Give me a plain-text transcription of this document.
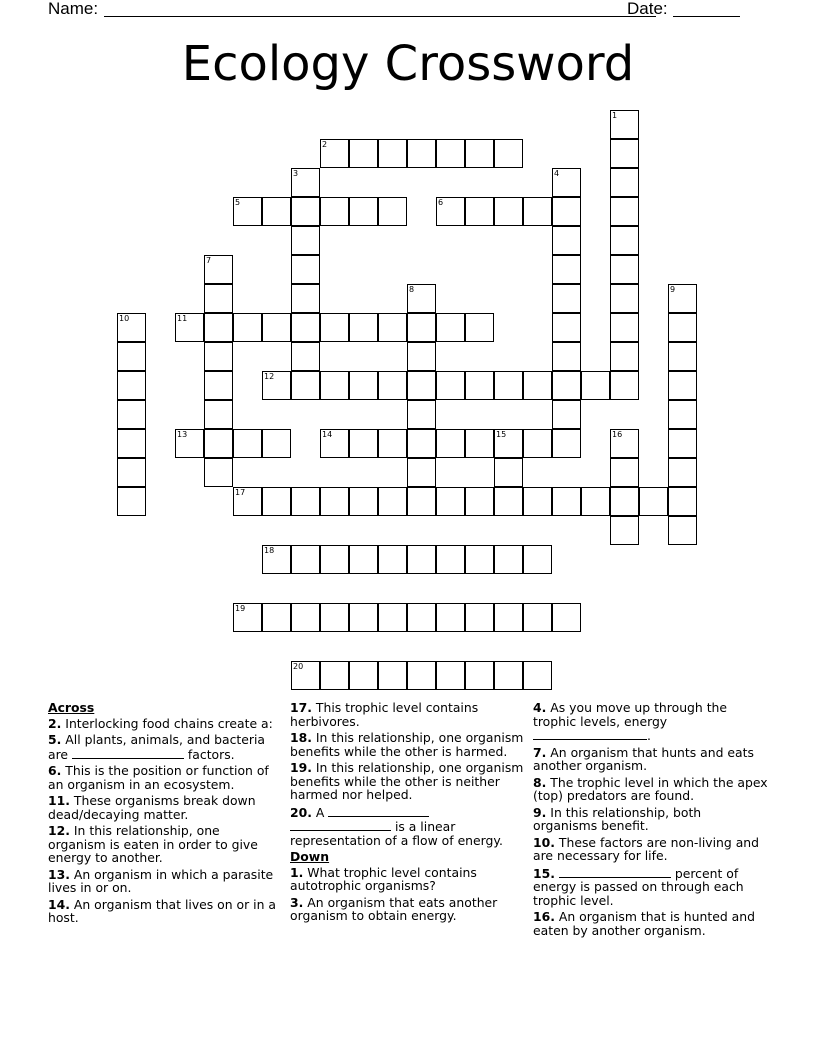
Name:	Date:
Ecology Crossword
2
5	6
11
12
13	14	15
17
18
19
20
1
3	4
7
8	9
10
16
Across
2. Interlocking food chains create a:
5. All plants, animals, and bacteria are	factors.
6. This is the position or function of an organism in an ecosystem.
11. These organisms break down dead/decaying matter.
12. In this relationship, one organism is eaten in order to give energy to another.
13. An organism in which a parasite lives in or on.
14. An organism that lives on or in a host.
17. This trophic level contains herbivores.
18. In this relationship, one organism benefits while the other is harmed.
19. In this relationship, one organism benefits while the other is neither harmed nor helped.
20. A   is a linear representation of a flow of energy.
Down
1. What trophic level contains autotrophic organisms?
3. An organism that eats another organism to obtain energy.
4. As you move up through the trophic levels, energy .
7. An organism that hunts and eats another organism.
8. The trophic level in which the apex (top) predators are found.
9. In this relationship, both organisms benefit.
10. These factors are non-living and are necessary for life.
15.	percent of energy is passed on through each trophic level.
16. An organism that is hunted and eaten by another organism.
